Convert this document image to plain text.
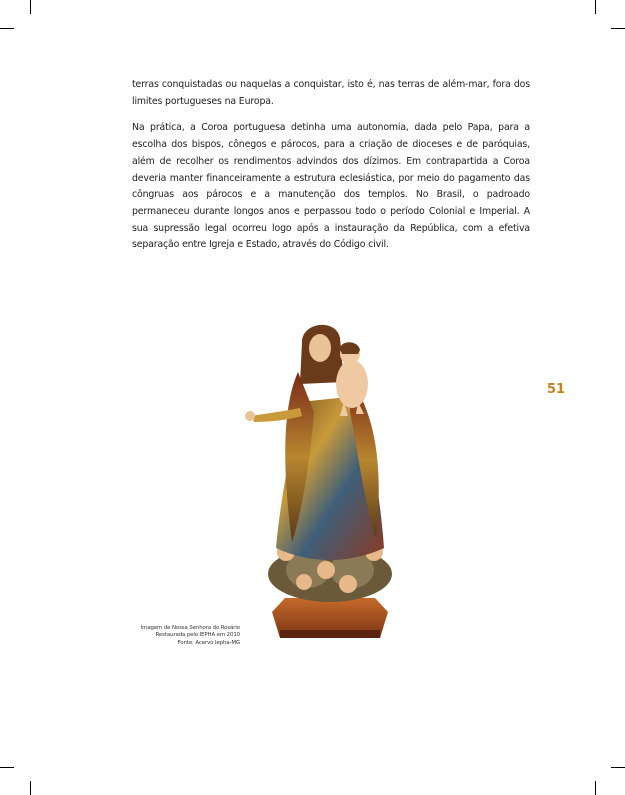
terras conquistadas ou naquelas a conquistar, isto é, nas terras de além-mar, fora dos limites portugueses na Europa.

Na prática, a Coroa portuguesa detinha uma autonomia, dada pelo Papa, para a escolha dos bispos, cônegos e párocos, para a criação de dioceses e de paróquias, além de recolher os rendimentos advindos dos dízimos. Em contrapartida a Coroa deveria manter financeiramente a estrutura eclesiástica, por meio do pagamento das côngruas aos párocos e a manutenção dos templos. No Brasil, o padroado permaneceu durante longos anos e perpassou todo o período Colonial e Imperial. A sua supressão legal ocorreu logo após a instauração da República, com a efetiva separação entre Igreja e Estado, através do Código civil.

51
Imagem de Nossa Senhora do Rosário
Restaurada pelo IEPHA em 2010
Fonte: Acervo Iepha-MG
